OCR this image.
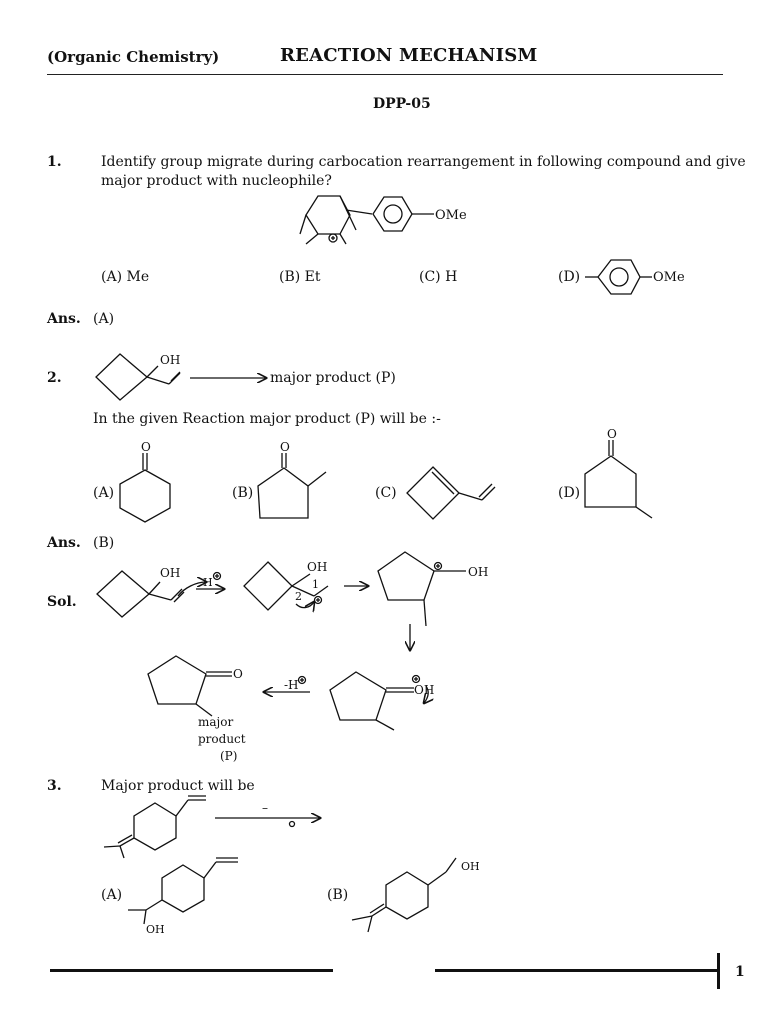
(Organic Chemistry)	REACTION MECHANISM
DPP-05
1.	Identify group migrate during carbocation rearrangement in following compound and give
major product with nucleophile?
(A) Me	(B) Et	(C) H	(D)
Ans. (A)
2.	major product (P)
In the given Reaction major product (P) will be :-
(A)	(B)	(C)	(D)
Ans. (B)
Sol.
3.	Major product will be
(A)	(B)
OMe
OMe
OH
O	O
O
OH
H
OH
1
2
OH
OH
-H
O
major
product
(P)
–
OH
OH
1
